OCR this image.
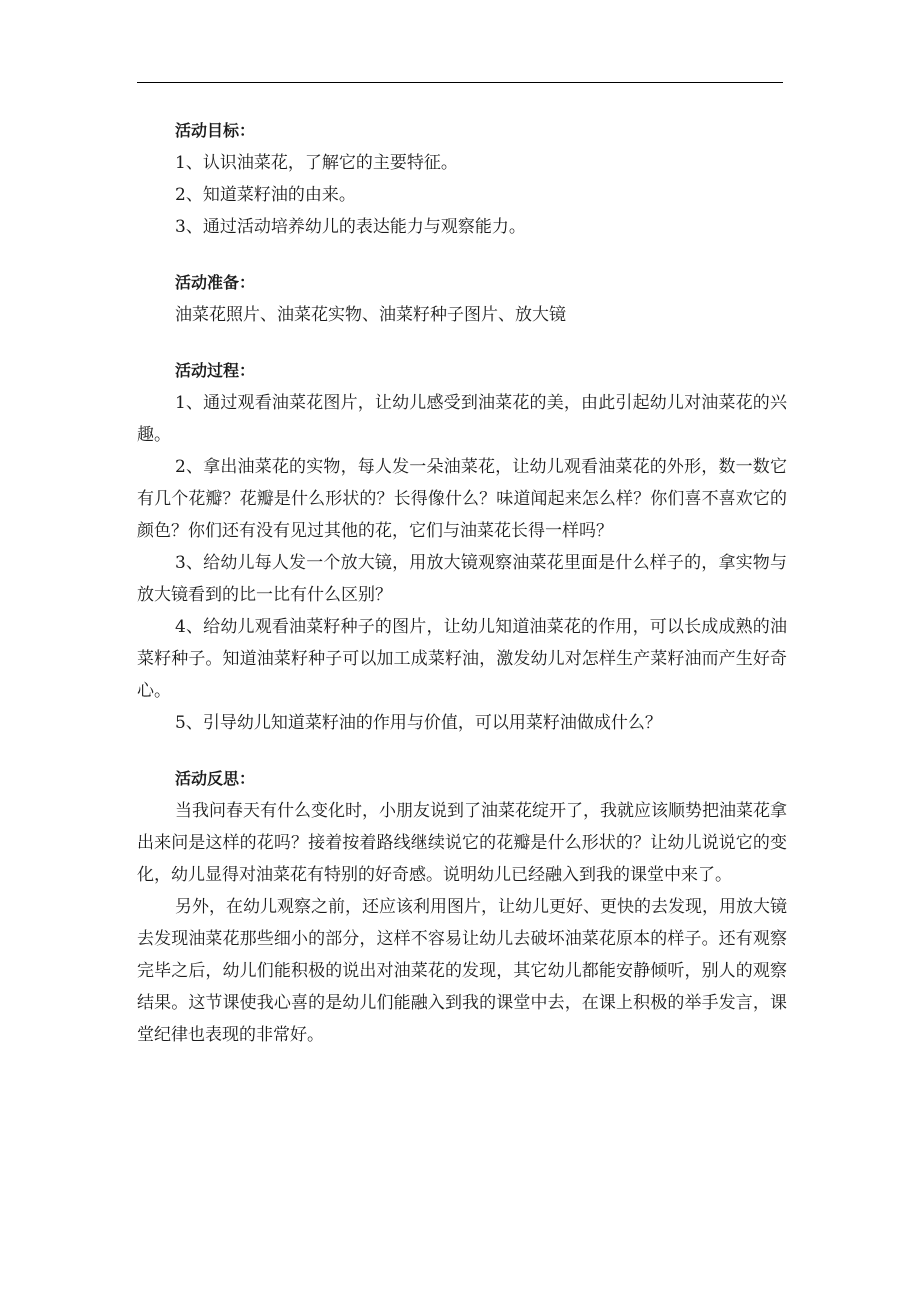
活动目标：

1、认识油菜花，了解它的主要特征。

2、知道菜籽油的由来。

3、通过活动培养幼儿的表达能力与观察能力。

活动准备：

油菜花照片、油菜花实物、油菜籽种子图片、放大镜

活动过程：

1、通过观看油菜花图片，让幼儿感受到油菜花的美，由此引起幼儿对油菜花的兴趣。

2、拿出油菜花的实物，每人发一朵油菜花，让幼儿观看油菜花的外形，数一数它有几个花瓣？花瓣是什么形状的？长得像什么？味道闻起来怎么样？你们喜不喜欢它的颜色？你们还有没有见过其他的花，它们与油菜花长得一样吗？

3、给幼儿每人发一个放大镜，用放大镜观察油菜花里面是什么样子的，拿实物与放大镜看到的比一比有什么区别？

4、给幼儿观看油菜籽种子的图片，让幼儿知道油菜花的作用，可以长成成熟的油菜籽种子。知道油菜籽种子可以加工成菜籽油，激发幼儿对怎样生产菜籽油而产生好奇心。

5、引导幼儿知道菜籽油的作用与价值，可以用菜籽油做成什么？

活动反思：

当我问春天有什么变化时，小朋友说到了油菜花绽开了，我就应该顺势把油菜花拿出来问是这样的花吗？接着按着路线继续说它的花瓣是什么形状的？让幼儿说说它的变化，幼儿显得对油菜花有特别的好奇感。说明幼儿已经融入到我的课堂中来了。

另外，在幼儿观察之前，还应该利用图片，让幼儿更好、更快的去发现，用放大镜去发现油菜花那些细小的部分，这样不容易让幼儿去破坏油菜花原本的样子。还有观察完毕之后，幼儿们能积极的说出对油菜花的发现，其它幼儿都能安静倾听，别人的观察结果。这节课使我心喜的是幼儿们能融入到我的课堂中去，在课上积极的举手发言，课堂纪律也表现的非常好。
